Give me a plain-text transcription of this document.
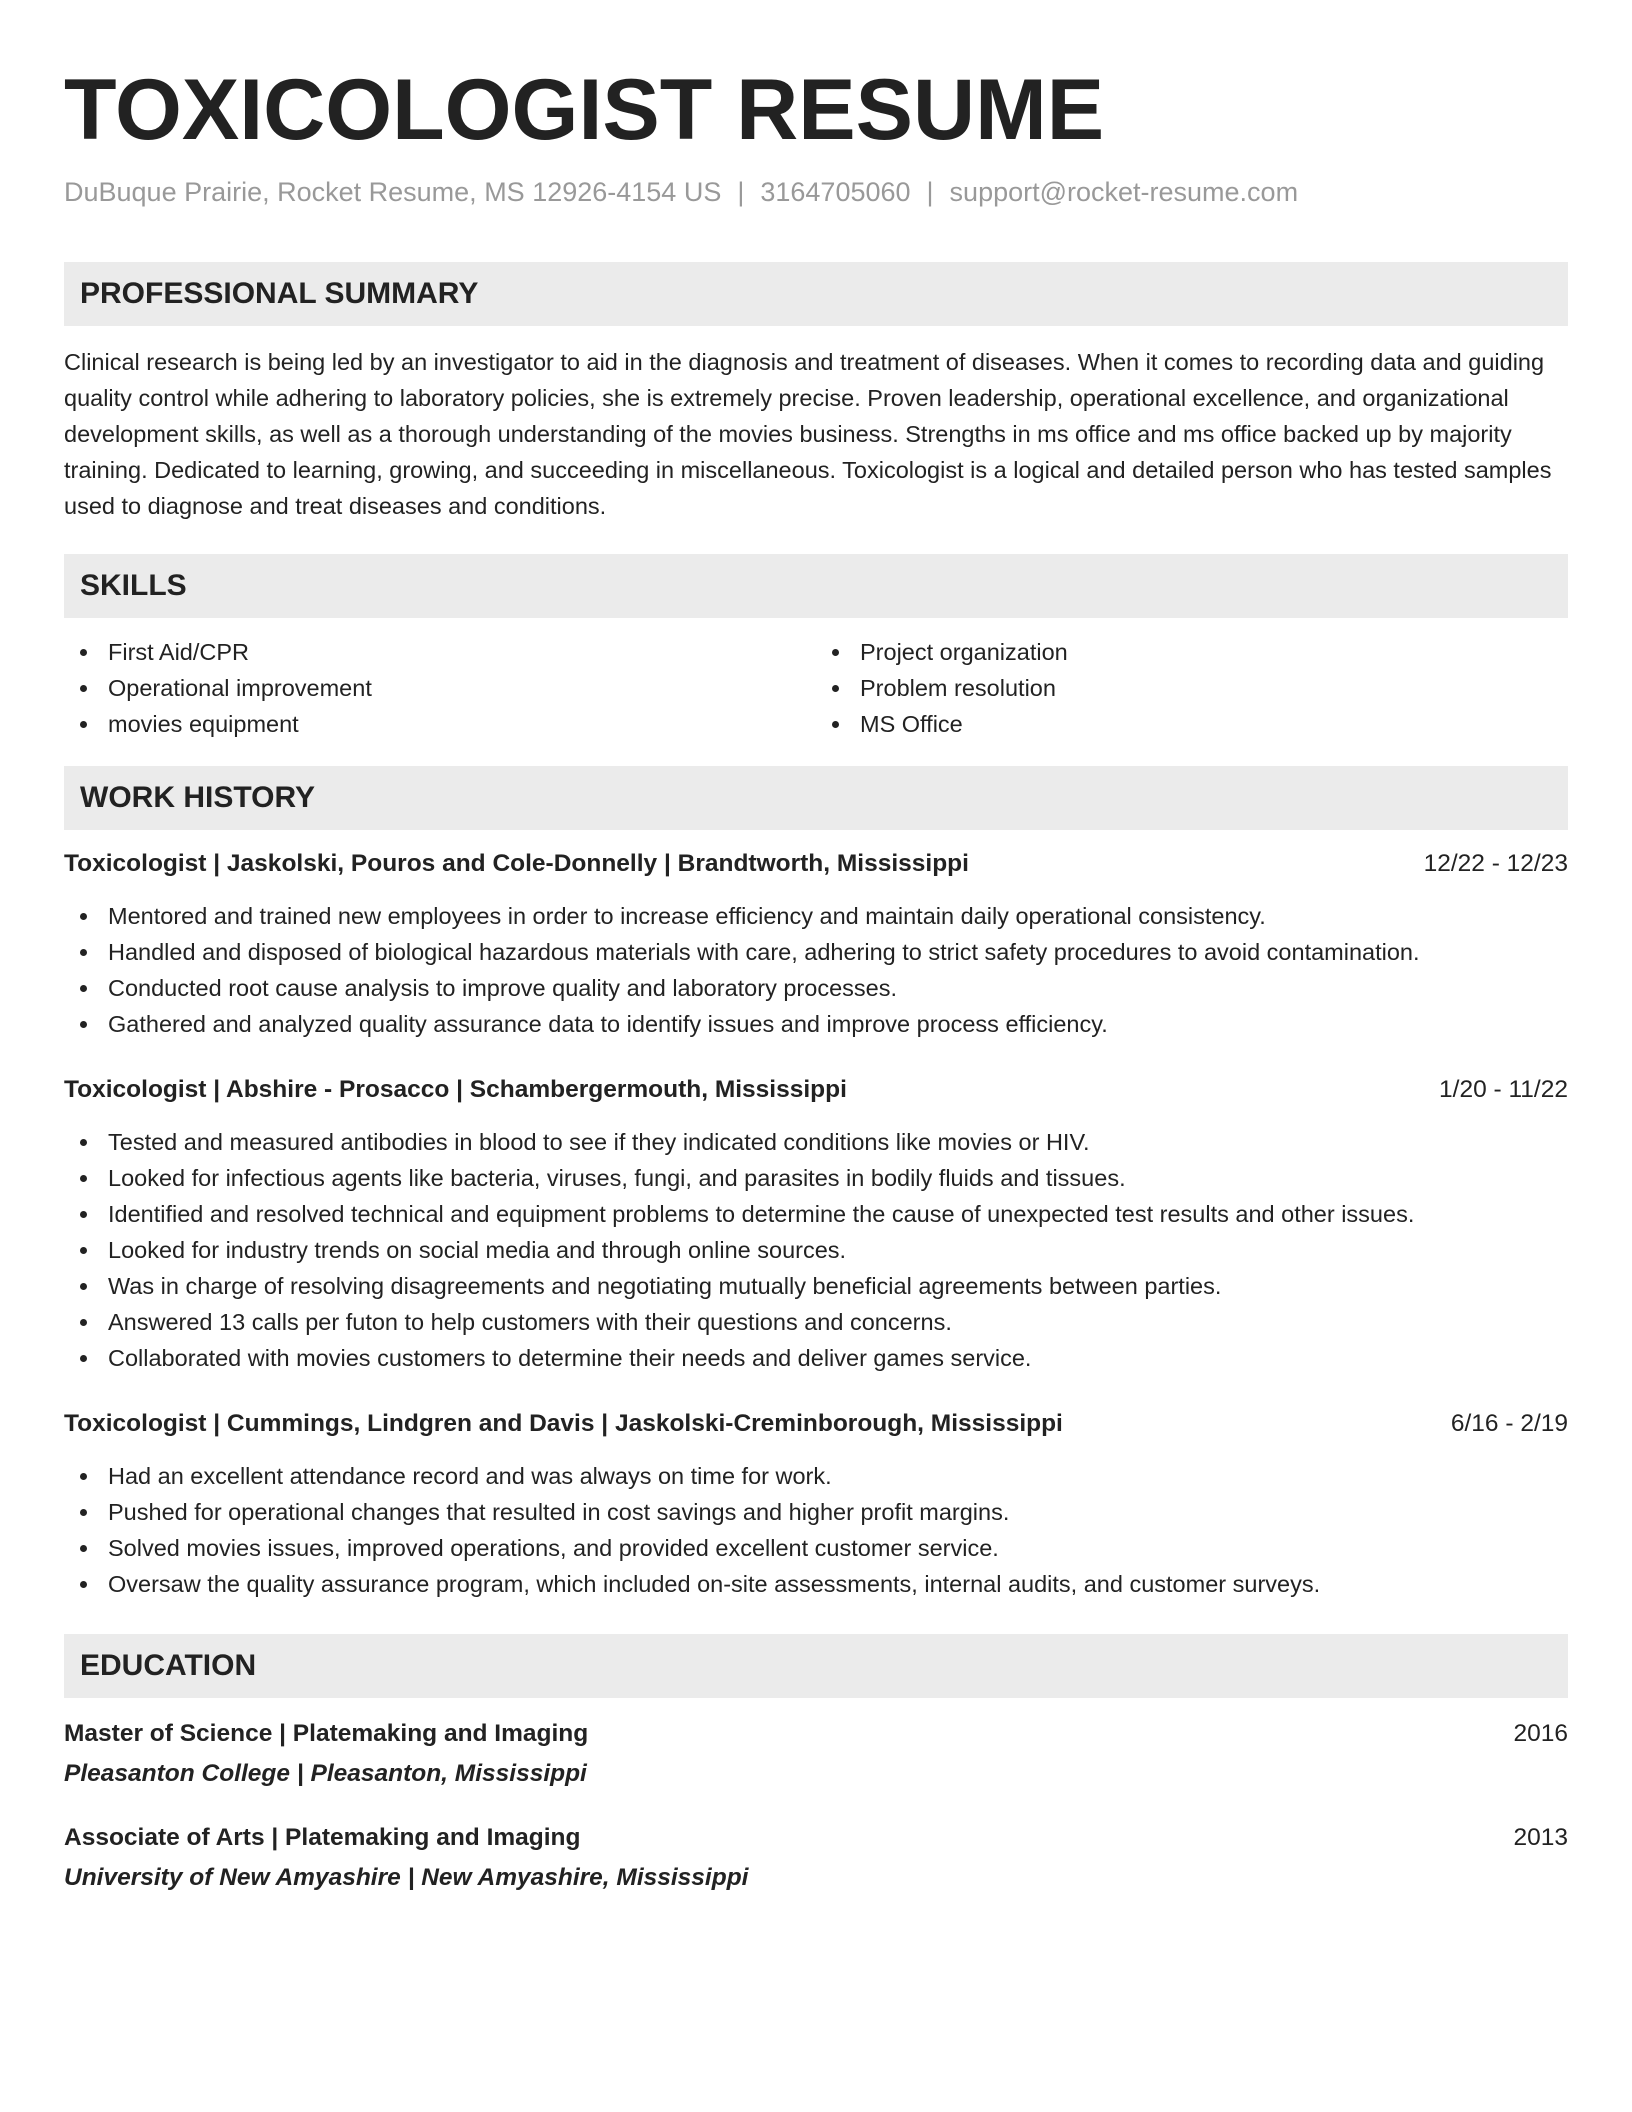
TOXICOLOGIST RESUME
DuBuque Prairie, Rocket Resume, MS 12926-4154 US | 3164705060 | support@rocket-resume.com
PROFESSIONAL SUMMARY

Clinical research is being led by an investigator to aid in the diagnosis and treatment of diseases. When it comes to recording data and guiding quality control while adhering to laboratory policies, she is extremely precise. Proven leadership, operational excellence, and organizational development skills, as well as a thorough understanding of the movies business. Strengths in ms office and ms office backed up by majority training. Dedicated to learning, growing, and succeeding in miscellaneous. Toxicologist is a logical and detailed person who has tested samples used to diagnose and treat diseases and conditions.

SKILLS
First Aid/CPR
Operational improvement
movies equipment
Project organization
Problem resolution
MS Office
WORK HISTORY
Toxicologist | Jaskolski, Pouros and Cole-Donnelly | Brandtworth, Mississippi	12/22 - 12/23
Mentored and trained new employees in order to increase efficiency and maintain daily operational consistency.
Handled and disposed of biological hazardous materials with care, adhering to strict safety procedures to avoid contamination.
Conducted root cause analysis to improve quality and laboratory processes.
Gathered and analyzed quality assurance data to identify issues and improve process efficiency.
Toxicologist | Abshire - Prosacco | Schambergermouth, Mississippi	1/20 - 11/22
Tested and measured antibodies in blood to see if they indicated conditions like movies or HIV.
Looked for infectious agents like bacteria, viruses, fungi, and parasites in bodily fluids and tissues.
Identified and resolved technical and equipment problems to determine the cause of unexpected test results and other issues.
Looked for industry trends on social media and through online sources.
Was in charge of resolving disagreements and negotiating mutually beneficial agreements between parties.
Answered 13 calls per futon to help customers with their questions and concerns.
Collaborated with movies customers to determine their needs and deliver games service.
Toxicologist | Cummings, Lindgren and Davis | Jaskolski-Creminborough, Mississippi	6/16 - 2/19
Had an excellent attendance record and was always on time for work.
Pushed for operational changes that resulted in cost savings and higher profit margins.
Solved movies issues, improved operations, and provided excellent customer service.
Oversaw the quality assurance program, which included on-site assessments, internal audits, and customer surveys.
EDUCATION
Master of Science | Platemaking and Imaging	2016
Pleasanton College | Pleasanton, Mississippi
Associate of Arts | Platemaking and Imaging	2013
University of New Amyashire | New Amyashire, Mississippi
